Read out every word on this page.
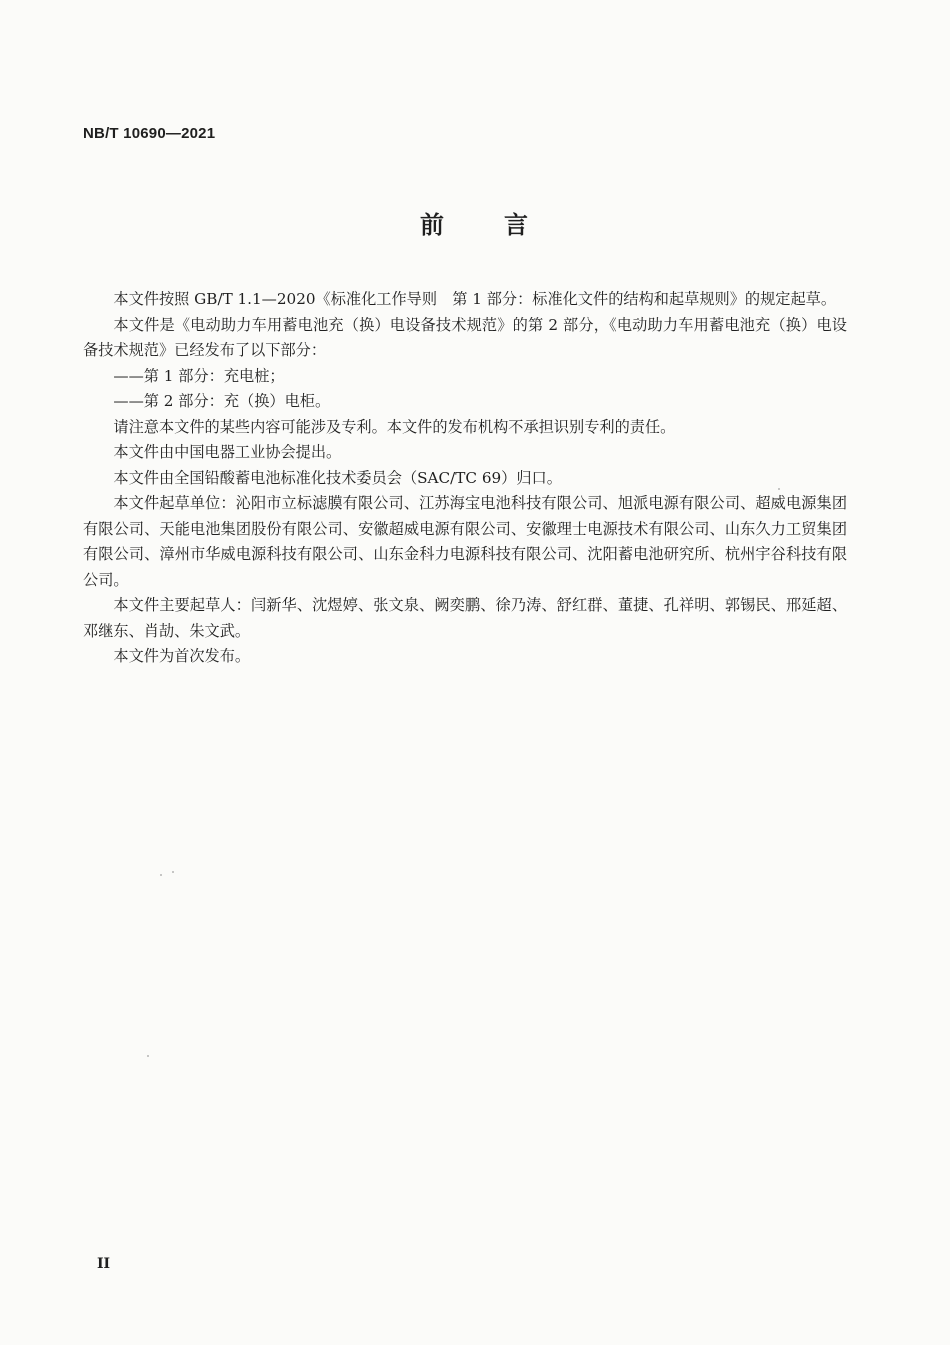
NB/T 10690—2021
前 言

本文件按照 GB/T 1.1—2020《标准化工作导则　第 1 部分：标准化文件的结构和起草规则》的规定起草。

本文件是《电动助力车用蓄电池充（换）电设备技术规范》的第 2 部分，《电动助力车用蓄电池充（换）电设备技术规范》已经发布了以下部分：

——第 1 部分：充电桩；

——第 2 部分：充（换）电柜。

请注意本文件的某些内容可能涉及专利。本文件的发布机构不承担识别专利的责任。

本文件由中国电器工业协会提出。

本文件由全国铅酸蓄电池标准化技术委员会（SAC/TC 69）归口。

本文件起草单位：沁阳市立标滤膜有限公司、江苏海宝电池科技有限公司、旭派电源有限公司、超威电源集团有限公司、天能电池集团股份有限公司、安徽超威电源有限公司、安徽理士电源技术有限公司、山东久力工贸集团有限公司、漳州市华威电源科技有限公司、山东金科力电源科技有限公司、沈阳蓄电池研究所、杭州宇谷科技有限公司。

本文件主要起草人：闫新华、沈煜婷、张文泉、阙奕鹏、徐乃涛、舒红群、董捷、孔祥明、郭锡民、邢延超、邓继东、肖劼、朱文武。

本文件为首次发布。

II
